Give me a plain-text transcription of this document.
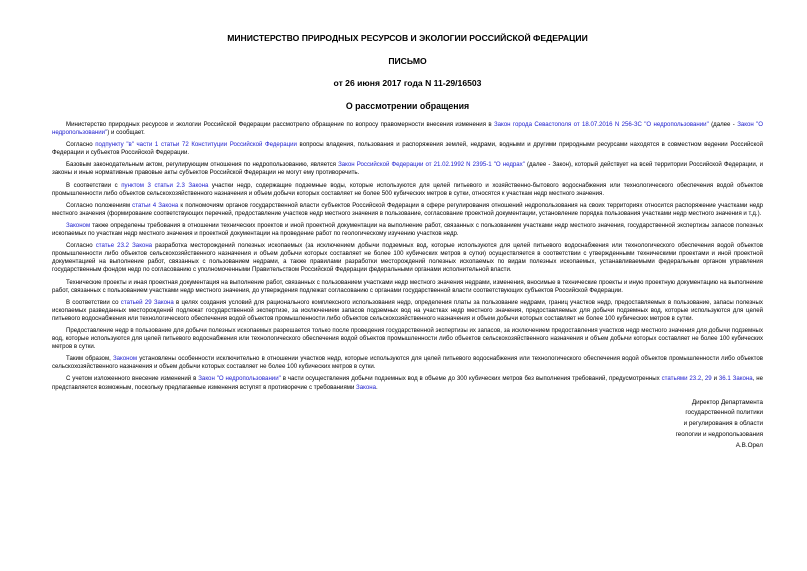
МИНИСТЕРСТВО ПРИРОДНЫХ РЕСУРСОВ И ЭКОЛОГИИ РОССИЙСКОЙ ФЕДЕРАЦИИ
ПИСЬМО
от 26 июня 2017 года N 11-29/16503
О рассмотрении обращения

Министерство природных ресурсов и экологии Российской Федерации рассмотрело обращение по вопросу правомерности внесения изменения в Закон города Севастополя от 18.07.2016 N 256-ЗС "О недропользовании" (далее - Закон "О недропользовании") и сообщает.

Согласно подпункту "в" части 1 статьи 72 Конституции Российской Федерации вопросы владения, пользования и распоряжения землей, недрами, водными и другими природными ресурсами находятся в совместном ведении Российской Федерации и субъектов Российской Федерации.

Базовым законодательным актом, регулирующим отношения по недропользованию, является Закон Российской Федерации от 21.02.1992 N 2395-1 "О недрах" (далее - Закон), который действует на всей территории Российской Федерации, и законы и иные нормативные правовые акты субъектов Российской Федерации не могут ему противоречить.

В соответствии с пунктом 3 статьи 2.3 Закона участки недр, содержащие подземные воды, которые используются для целей питьевого и хозяйственно-бытового водоснабжения или технологического обеспечения водой объектов промышленности либо объектов сельскохозяйственного назначения и объем добычи которых составляет не более 500 кубических метров в сутки, относятся к участкам недр местного значения.

Согласно положениям статьи 4 Закона к полномочиям органов государственной власти субъектов Российской Федерации в сфере регулирования отношений недропользования на своих территориях относится распоряжение участками недр местного значения (формирование соответствующих перечней, предоставление участков недр местного значения в пользование, согласование проектной документации, установление порядка пользования участками недр местного значения и т.д.).

Законом также определены требования в отношении технических проектов и иной проектной документации на выполнение работ, связанных с пользованием участками недр местного значения, государственной экспертизы запасов полезных ископаемых по участкам недр местного значения и проектной документации на проведение работ по геологическому изучению участков недр.

Согласно статье 23.2 Закона разработка месторождений полезных ископаемых (за исключением добычи подземных вод, которые используются для целей питьевого водоснабжения или технологического обеспечения водой объектов промышленности либо объектов сельскохозяйственного назначения и объем добычи которых составляет не более 100 кубических метров в сутки) осуществляется в соответствии с утвержденными техническими проектами и иной проектной документацией на выполнение работ, связанных с пользованием недрами, а также правилами разработки месторождений полезных ископаемых по видам полезных ископаемых, устанавливаемыми федеральным органом управления государственным фондом недр по согласованию с уполномоченными Правительством Российской Федерации федеральными органами исполнительной власти.

Технические проекты и иная проектная документация на выполнение работ, связанных с пользованием участками недр местного значения недрами, изменения, вносимые в технические проекты и иную проектную документацию на выполнение работ, связанных с пользованием участками недр местного значения, до утверждения подлежат согласованию с органами государственной власти соответствующих субъектов Российской Федерации.

В соответствии со статьей 29 Закона в целях создания условий для рационального комплексного использования недр, определения платы за пользование недрами, границ участков недр, предоставляемых в пользование, запасы полезных ископаемых разведанных месторождений подлежат государственной экспертизе, за исключением запасов подземных вод на участках недр местного значения, предоставляемых для добычи подземных вод, которые используются для целей питьевого водоснабжения или технологического обеспечения водой объектов промышленности либо объектов сельскохозяйственного назначения и объем добычи которых составляет не более 100 кубических метров в сутки.

Предоставление недр в пользование для добычи полезных ископаемых разрешается только после проведения государственной экспертизы их запасов, за исключением предоставления участков недр местного значения для добычи подземных вод, которые используются для целей питьевого водоснабжения или технологического обеспечения водой объектов промышленности либо объектов сельскохозяйственного назначения и объем добычи которых составляет не более 100 кубических метров в сутки.

Таким образом, Законом установлены особенности исключительно в отношении участков недр, которые используются для целей питьевого водоснабжения или технологического обеспечения водой объектов промышленности либо объектов сельскохозяйственного назначения и объем добычи которых составляет не более 100 кубических метров в сутки.

С учетом изложенного внесение изменений в Закон "О недропользовании" в части осуществления добычи подземных вод в объеме до 300 кубических метров без выполнения требований, предусмотренных статьями 23.2, 29 и 36.1 Закона, не представляется возможным, поскольку предлагаемые изменения вступят в противоречие с требованиями Закона.

Директор Департамента
государственной политики
и регулирования в области
геологии и недропользования
А.В.Орел
